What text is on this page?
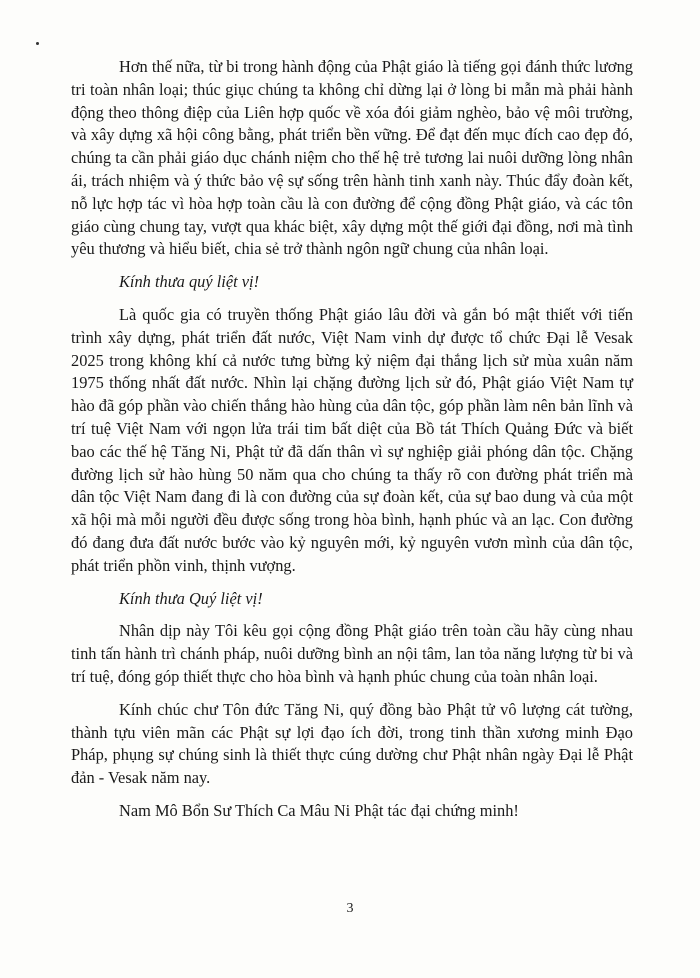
Hơn thế nữa, từ bi trong hành động của Phật giáo là tiếng gọi đánh thức lương tri toàn nhân loại; thúc giục chúng ta không chỉ dừng lại ở lòng bi mẫn mà phải hành động theo thông điệp của Liên hợp quốc về xóa đói giảm nghèo, bảo vệ môi trường, và xây dựng xã hội công bằng, phát triển bền vững. Để đạt đến mục đích cao đẹp đó, chúng ta cần phải giáo dục chánh niệm cho thế hệ trẻ tương lai nuôi dưỡng lòng nhân ái, trách nhiệm và ý thức bảo vệ sự sống trên hành tinh xanh này. Thúc đẩy đoàn kết, nỗ lực hợp tác vì hòa hợp toàn cầu là con đường để cộng đồng Phật giáo, và các tôn giáo cùng chung tay, vượt qua khác biệt, xây dựng một thế giới đại đồng, nơi mà tình yêu thương và hiểu biết, chia sẻ trở thành ngôn ngữ chung của nhân loại.

Kính thưa quý liệt vị!

Là quốc gia có truyền thống Phật giáo lâu đời và gắn bó mật thiết với tiến trình xây dựng, phát triển đất nước, Việt Nam vinh dự được tổ chức Đại lễ Vesak 2025 trong không khí cả nước tưng bừng kỷ niệm đại thắng lịch sử mùa xuân năm 1975 thống nhất đất nước. Nhìn lại chặng đường lịch sử đó, Phật giáo Việt Nam tự hào đã góp phần vào chiến thắng hào hùng của dân tộc, góp phần làm nên bản lĩnh và trí tuệ Việt Nam với ngọn lửa trái tim bất diệt của Bồ tát Thích Quảng Đức và biết bao các thế hệ Tăng Ni, Phật tử đã dấn thân vì sự nghiệp giải phóng dân tộc. Chặng đường lịch sử hào hùng 50 năm qua cho chúng ta thấy rõ con đường phát triển mà dân tộc Việt Nam đang đi là con đường của sự đoàn kết, của sự bao dung và của một xã hội mà mỗi người đều được sống trong hòa bình, hạnh phúc và an lạc. Con đường đó đang đưa đất nước bước vào kỷ nguyên mới, kỷ nguyên vươn mình của dân tộc, phát triển phồn vinh, thịnh vượng.

Kính thưa Quý liệt vị!

Nhân dịp này Tôi kêu gọi cộng đồng Phật giáo trên toàn cầu hãy cùng nhau tinh tấn hành trì chánh pháp, nuôi dưỡng bình an nội tâm, lan tỏa năng lượng từ bi và trí tuệ, đóng góp thiết thực cho hòa bình và hạnh phúc chung của toàn nhân loại.

Kính chúc chư Tôn đức Tăng Ni, quý đồng bào Phật tử vô lượng cát tường, thành tựu viên mãn các Phật sự lợi đạo ích đời, trong tinh thần xương minh Đạo Pháp, phụng sự chúng sinh là thiết thực cúng dường chư Phật nhân ngày Đại lễ Phật đản - Vesak năm nay.

Nam Mô Bổn Sư Thích Ca Mâu Ni Phật tác đại chứng minh!

3
